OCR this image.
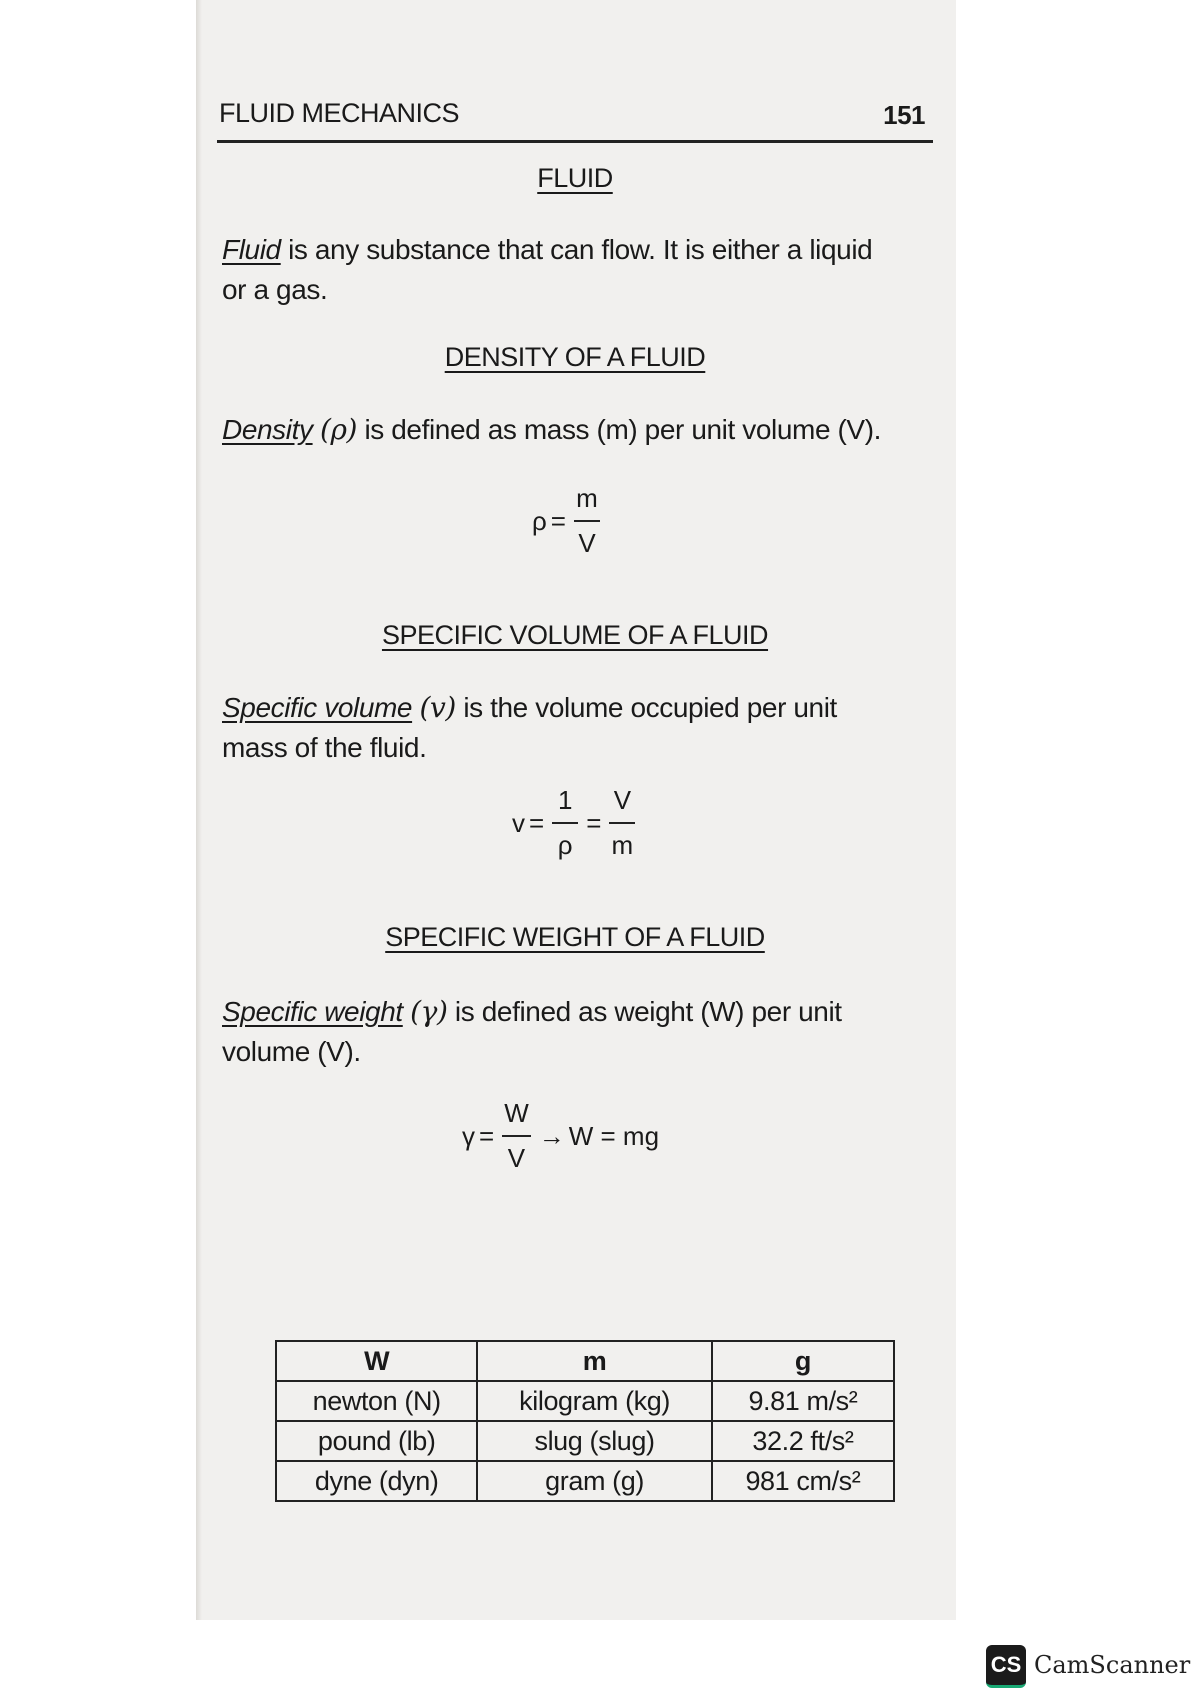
FLUID MECHANICS	151
FLUID
Fluid is any substance that can flow. It is either a liquid
or a gas.
DENSITY OF A FLUID
Density (ρ) is defined as mass (m) per unit volume (V).
$\rho = \frac{m}{V}$
SPECIFIC VOLUME OF A FLUID
Specific volume (v) is the volume occupied per unit
mass of the fluid.
$v = \frac{1}{\rho} = \frac{V}{m}$
SPECIFIC WEIGHT OF A FLUID
Specific weight (γ) is defined as weight (W) per unit
volume (V).
$\gamma = \frac{W}{V} \to W$ = mg
W	m	g
newton (N)	kilogram (kg)	9.81 m/s²
pound (lb)	slug (slug)	32.2 ft/s²
dyne (dyn)	gram (g)	981 cm/s²
CS CamScanner
